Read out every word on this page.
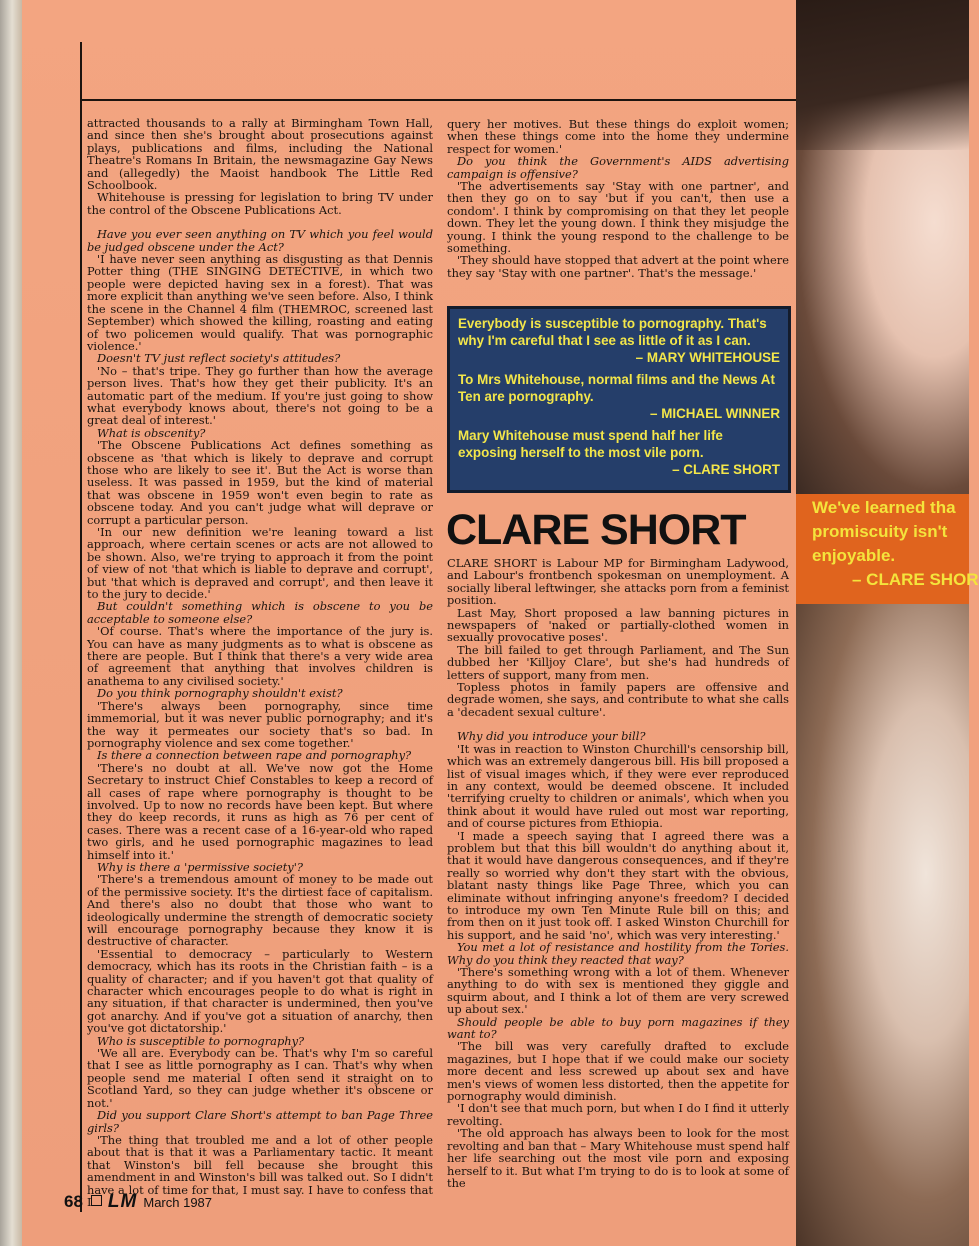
attracted thousands to a rally at Birmingham Town Hall, and since then she's brought about prosecutions against plays, publications and films, including the National Theatre's Romans In Britain, the newsmagazine Gay News and (allegedly) the Maoist handbook The Little Red Schoolbook.

Whitehouse is pressing for legislation to bring TV under the control of the Obscene Publications Act.

Have you ever seen anything on TV which you feel would be judged obscene under the Act?

'I have never seen anything as disgusting as that Dennis Potter thing (THE SINGING DETECTIVE, in which two people were depicted having sex in a forest). That was more explicit than anything we've seen before. Also, I think the scene in the Channel 4 film (THEMROC, screened last September) which showed the killing, roasting and eating of two policemen would qualify. That was pornographic violence.'

Doesn't TV just reflect society's attitudes?

'No – that's tripe. They go further than how the average person lives. That's how they get their publicity. It's an automatic part of the medium. If you're just going to show what everybody knows about, there's not going to be a great deal of interest.'

What is obscenity?

'The Obscene Publications Act defines something as obscene as 'that which is likely to deprave and corrupt those who are likely to see it'. But the Act is worse than useless. It was passed in 1959, but the kind of material that was obscene in 1959 won't even begin to rate as obscene today. And you can't judge what will deprave or corrupt a particular person.

'In our new definition we're leaning toward a list approach, where certain scenes or acts are not allowed to be shown. Also, we're trying to approach it from the point of view of not 'that which is liable to deprave and corrupt', but 'that which is depraved and corrupt', and then leave it to the jury to decide.'

But couldn't something which is obscene to you be acceptable to someone else?

'Of course. That's where the importance of the jury is. You can have as many judgments as to what is obscene as there are people. But I think that there's a very wide area of agreement that anything that involves children is anathema to any civilised society.'

Do you think pornography shouldn't exist?

'There's always been pornography, since time immemorial, but it was never public pornography; and it's the way it permeates our society that's so bad. In pornography violence and sex come together.'

Is there a connection between rape and pornography?

'There's no doubt at all. We've now got the Home Secretary to instruct Chief Constables to keep a record of all cases of rape where pornography is thought to be involved. Up to now no records have been kept. But where they do keep records, it runs as high as 76 per cent of cases. There was a recent case of a 16-year-old who raped two girls, and he used pornographic magazines to lead himself into it.'

Why is there a 'permissive society'?

'There's a tremendous amount of money to be made out of the permissive society. It's the dirtiest face of capitalism. And there's also no doubt that those who want to ideologically undermine the strength of democratic society will encourage pornography because they know it is destructive of character.

'Essential to democracy – particularly to Western democracy, which has its roots in the Christian faith – is a quality of character; and if you haven't got that quality of character which encourages people to do what is right in any situation, if that character is undermined, then you've got anarchy. And if you've got a situation of anarchy, then you've got dictatorship.'

Who is susceptible to pornography?

'We all are. Everybody can be. That's why I'm so careful that I see as little pornography as I can. That's why when people send me material I often send it straight on to Scotland Yard, so they can judge whether it's obscene or not.'

Did you support Clare Short's attempt to ban Page Three girls?

'The thing that troubled me and a lot of other people about that is that it was a Parliamentary tactic. It meant that Winston's bill fell because she brought this amendment in and Winston's bill was talked out. So I didn't have a lot of time for that, I must say. I have to confess that I

query her motives. But these things do exploit women; when these things come into the home they undermine respect for women.'

Do you think the Government's AIDS advertising campaign is offensive?

'The advertisements say 'Stay with one partner', and then they go on to say 'but if you can't, then use a condom'. I think by compromising on that they let people down. They let the young down. I think they misjudge the young. I think the young respond to the challenge to be something.

'They should have stopped that advert at the point where they say 'Stay with one partner'. That's the message.'

Everybody is susceptible to pornography. That's why I'm careful that I see as little of it as I can.
– MARY WHITEHOUSE
To Mrs Whitehouse, normal films and the News At Ten are pornography.
– MICHAEL WINNER
Mary Whitehouse must spend half her life exposing herself to the most vile porn.
– CLARE SHORT
CLARE SHORT

CLARE SHORT is Labour MP for Birmingham Ladywood, and Labour's frontbench spokesman on unemployment. A socially liberal leftwinger, she attacks porn from a feminist position.

Last May, Short proposed a law banning pictures in newspapers of 'naked or partially-clothed women in sexually provocative poses'.

The bill failed to get through Parliament, and The Sun dubbed her 'Killjoy Clare', but she's had hundreds of letters of support, many from men.

Topless photos in family papers are offensive and degrade women, she says, and contribute to what she calls a 'decadent sexual culture'.

Why did you introduce your bill?

'It was in reaction to Winston Churchill's censorship bill, which was an extremely dangerous bill. His bill proposed a list of visual images which, if they were ever reproduced in any context, would be deemed obscene. It included 'terrifying cruelty to children or animals', which when you think about it would have ruled out most war reporting, and of course pictures from Ethiopia.

'I made a speech saying that I agreed there was a problem but that this bill wouldn't do anything about it, that it would have dangerous consequences, and if they're really so worried why don't they start with the obvious, blatant nasty things like Page Three, which you can eliminate without infringing anyone's freedom? I decided to introduce my own Ten Minute Rule bill on this; and from then on it just took off. I asked Winston Churchill for his support, and he said 'no', which was very interesting.'

You met a lot of resistance and hostility from the Tories. Why do you think they reacted that way?

'There's something wrong with a lot of them. Whenever anything to do with sex is mentioned they giggle and squirm about, and I think a lot of them are very screwed up about sex.'

Should people be able to buy porn magazines if they want to?

'The bill was very carefully drafted to exclude magazines, but I hope that if we could make our society more decent and less screwed up about sex and have men's views of women less distorted, then the appetite for pornography would diminish.

'I don't see that much porn, but when I do I find it utterly revolting.

'The old approach has always been to look for the most revolting and ban that – Mary Whitehouse must spend half her life searching out the most vile porn and exposing herself to it. But what I'm trying to do is to look at some of the

68 LM March 1987
We've learned tha
promiscuity isn't
enjoyable.
– CLARE SHOR
